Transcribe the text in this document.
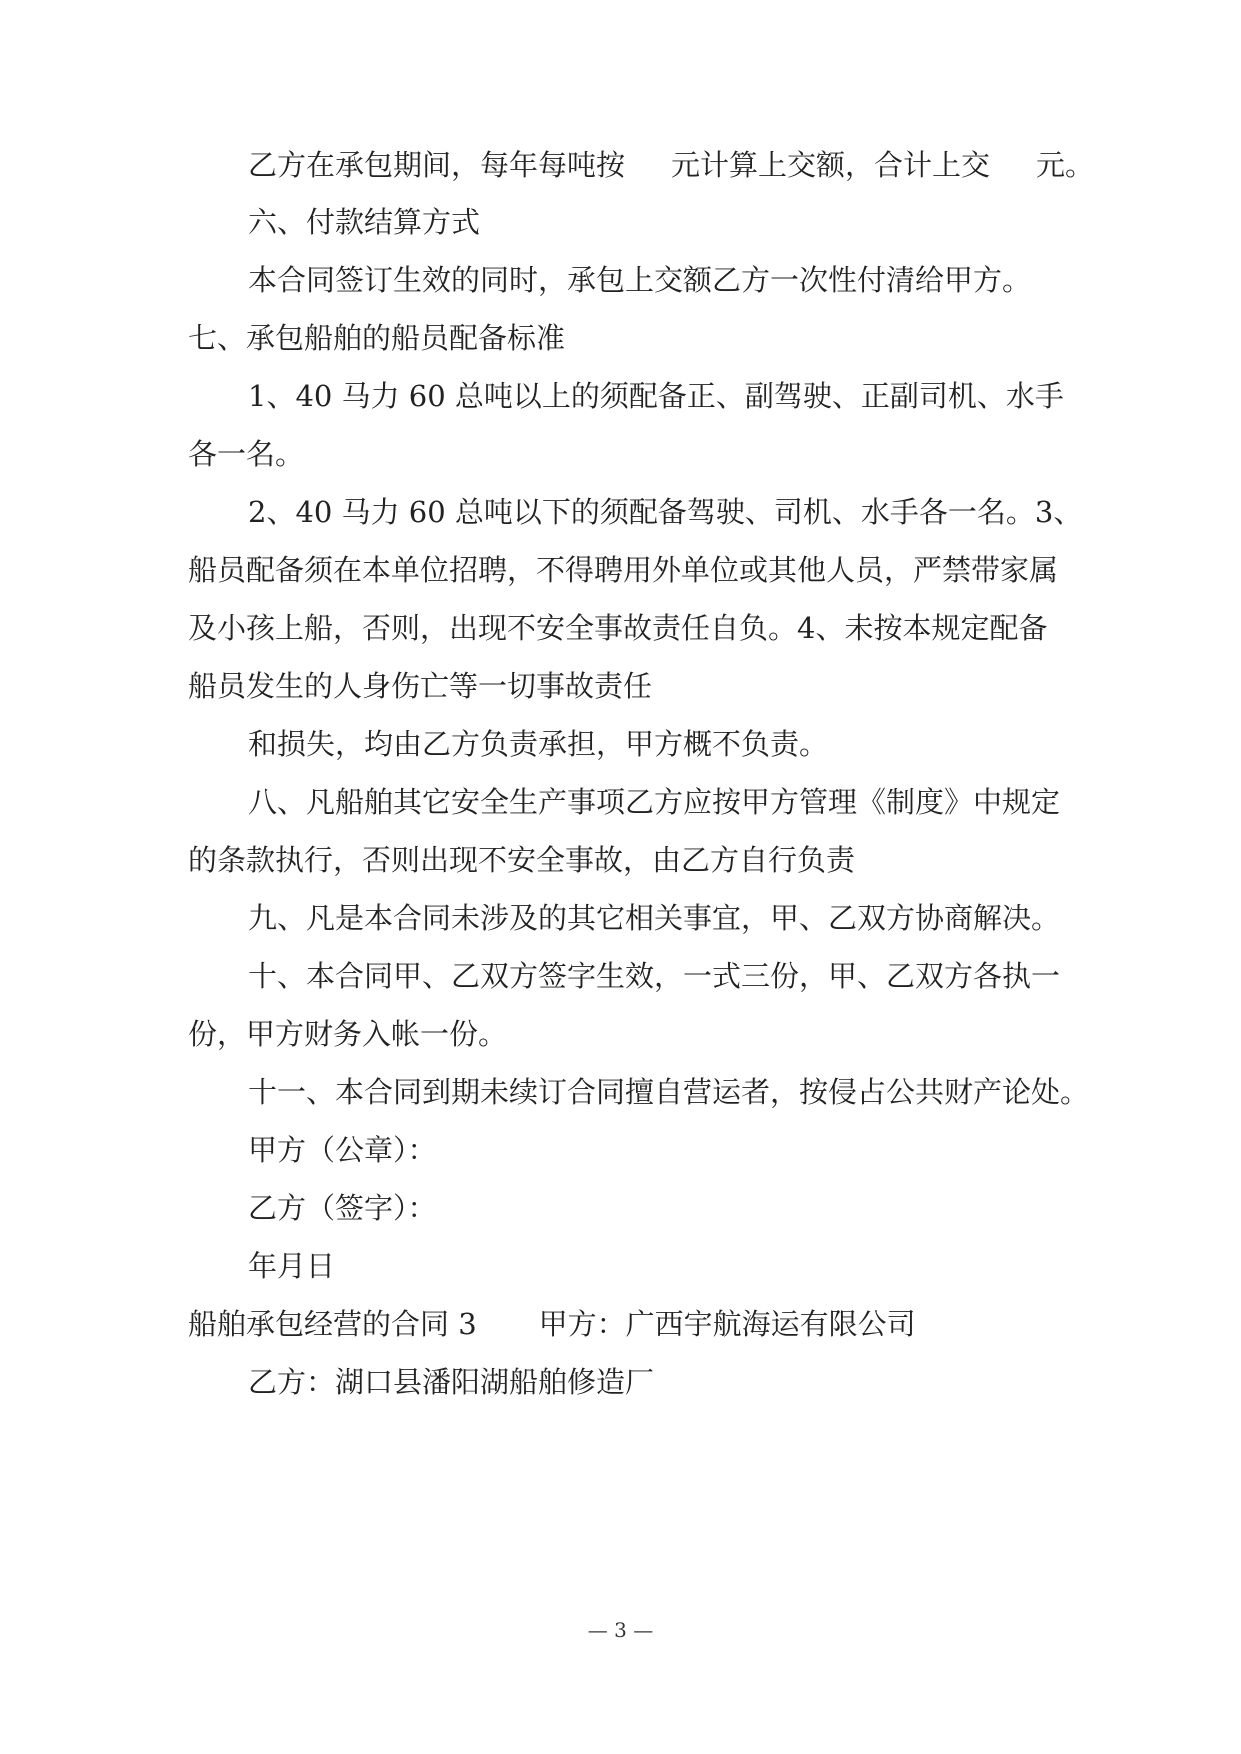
乙方在承包期间，每年每吨按 元计算上交额，合计上交 元。
六、付款结算方式
本合同签订生效的同时，承包上交额乙方一次性付清给甲方。
七、承包船舶的船员配备标准
1、40 马力 60 总吨以上的须配备正、副驾驶、正副司机、水手
各一名。
2、40 马力 60 总吨以下的须配备驾驶、司机、水手各一名。3、
船员配备须在本单位招聘，不得聘用外单位或其他人员，严禁带家属
及小孩上船，否则，出现不安全事故责任自负。4、未按本规定配备
船员发生的人身伤亡等一切事故责任
和损失，均由乙方负责承担，甲方概不负责。
八、凡船舶其它安全生产事项乙方应按甲方管理《制度》中规定
的条款执行，否则出现不安全事故，由乙方自行负责
九、凡是本合同未涉及的其它相关事宜，甲、乙双方协商解决。
十、本合同甲、乙双方签字生效，一式三份，甲、乙双方各执一
份，甲方财务入帐一份。
十一、本合同到期未续订合同擅自营运者，按侵占公共财产论处。
甲方（公章）：
乙方（签字）：
年月日
船舶承包经营的合同 3 甲方：广西宇航海运有限公司
乙方：湖口县潘阳湖船舶修造厂
— 3 —
